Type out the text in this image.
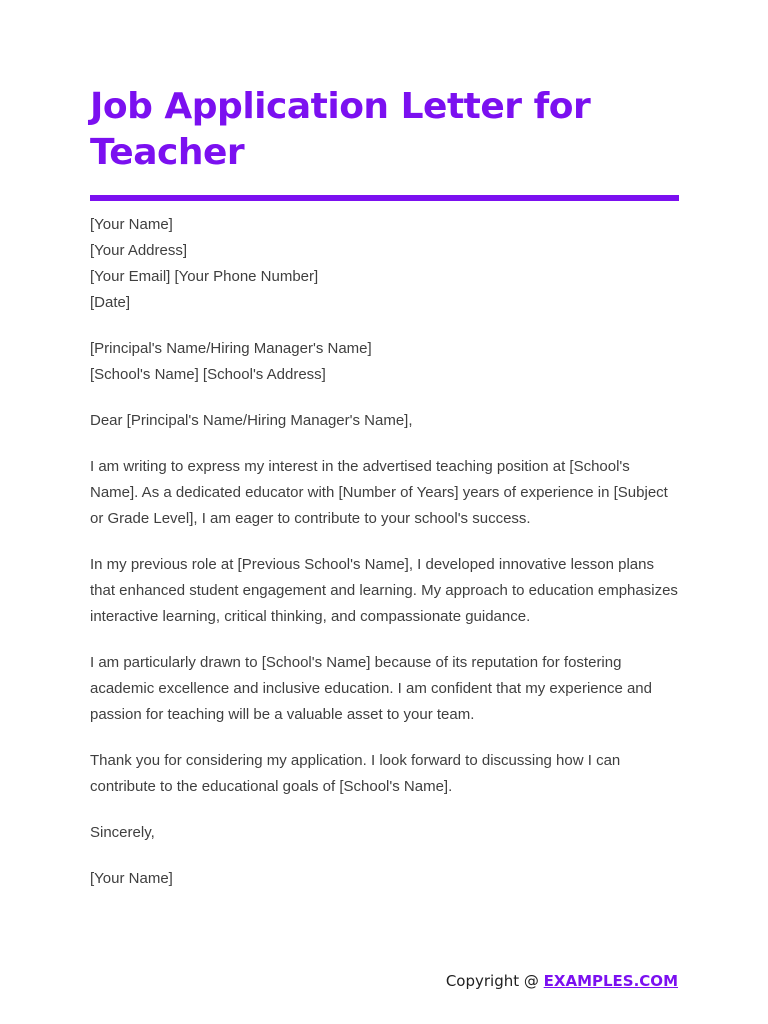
Job Application Letter for Teacher
[Your Name]
[Your Address]
[Your Email] [Your Phone Number]
[Date]
[Principal's Name/Hiring Manager's Name]
[School's Name] [School's Address]

Dear [Principal's Name/Hiring Manager's Name],

I am writing to express my interest in the advertised teaching position at [School's Name]. As a dedicated educator with [Number of Years] years of experience in [Subject or Grade Level], I am eager to contribute to your school's success.

In my previous role at [Previous School's Name], I developed innovative lesson plans that enhanced student engagement and learning. My approach to education emphasizes interactive learning, critical thinking, and compassionate guidance.

I am particularly drawn to [School's Name] because of its reputation for fostering academic excellence and inclusive education. I am confident that my experience and passion for teaching will be a valuable asset to your team.

Thank you for considering my application. I look forward to discussing how I can contribute to the educational goals of [School's Name].

Sincerely,

[Your Name]

Copyright @ EXAMPLES.COM
